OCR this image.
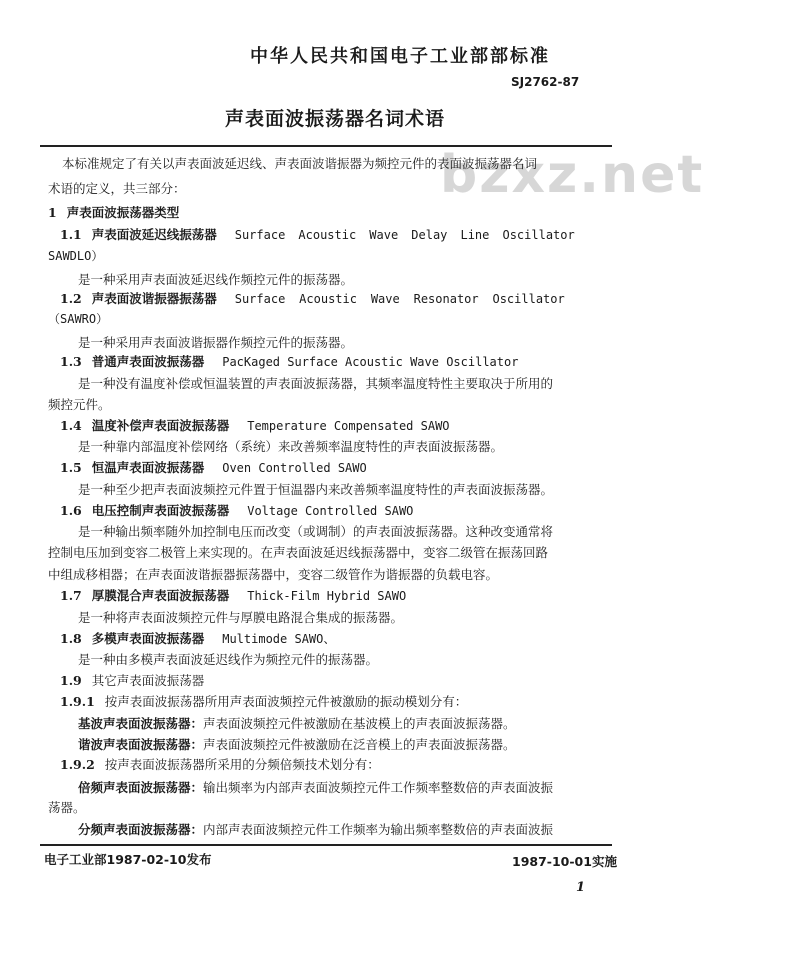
中华人民共和国电子工业部部标准
SJ2762-87
声表面波振荡器名词术语
bzxz.net
本标准规定了有关以声表面波延迟线、声表面波谐振器为频控元件的表面波振荡器名词
术语的定义，共三部分：
1 声表面波振荡器类型
1.1 声表面波延迟线振荡器 Surface Acoustic Wave Delay Line Oscillator
SAWDLO）
是一种采用声表面波延迟线作频控元件的振荡器。
1.2 声表面波谐振器振荡器 Surface Acoustic Wave Resonator Oscillator
（SAWRO）
是一种采用声表面波谐振器作频控元件的振荡器。
1.3 普通声表面波振荡器 PacKaged Surface Acoustic Wave Oscillator
是一种没有温度补偿或恒温装置的声表面波振荡器，其频率温度特性主要取决于所用的
频控元件。
1.4 温度补偿声表面波振荡器 Temperature Compensated SAWO
是一种靠内部温度补偿网络（系统）来改善频率温度特性的声表面波振荡器。
1.5 恒温声表面波振荡器 Oven Controlled SAWO
是一种至少把声表面波频控元件置于恒温器内来改善频率温度特性的声表面波振荡器。
1.6 电压控制声表面波振荡器 Voltage Controlled SAWO
是一种输出频率随外加控制电压而改变（或调制）的声表面波振荡器。这种改变通常将
控制电压加到变容二极管上来实现的。在声表面波延迟线振荡器中，变容二级管在振荡回路
中组成移相器；在声表面波谐振器振荡器中，变容二级管作为谐振器的负载电容。
1.7 厚膜混合声表面波振荡器 Thick-Film Hybrid SAWO
是一种将声表面波频控元件与厚膜电路混合集成的振荡器。
1.8 多模声表面波振荡器 Multimode SAWO、
是一种由多模声表面波延迟线作为频控元件的振荡器。
1.9 其它声表面波振荡器
1.9.1 按声表面波振荡器所用声表面波频控元件被激励的振动模划分有：
基波声表面波振荡器：声表面波频控元件被激励在基波模上的声表面波振荡器。
谐波声表面波振荡器：声表面波频控元件被激励在泛音模上的声表面波振荡器。
1.9.2 按声表面波振荡器所采用的分频倍频技术划分有：
倍频声表面波振荡器：输出频率为内部声表面波频控元件工作频率整数倍的声表面波振
荡器。
分频声表面波振荡器：内部声表面波频控元件工作频率为输出频率整数倍的声表面波振
电子工业部1987-02-10发布	1987-10-01实施
1
